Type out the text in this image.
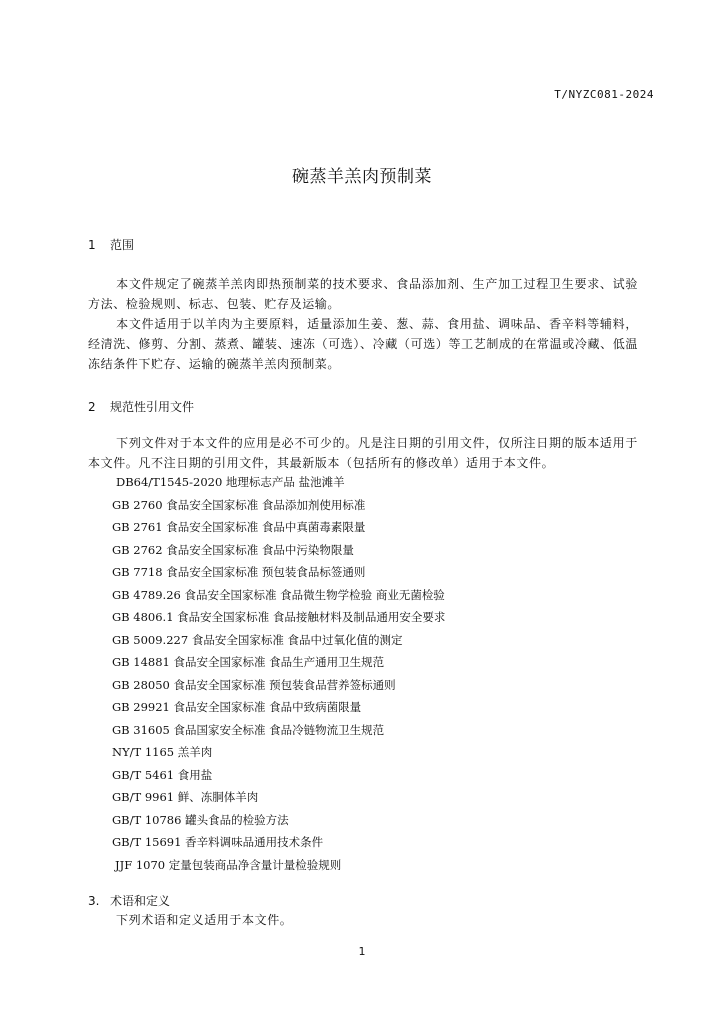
T/NYZC081-2024
碗蒸羊羔肉预制菜
1 范围
本文件规定了碗蒸羊羔肉即热预制菜的技术要求、食品添加剂、生产加工过程卫生要求、试验方法、检验规则、标志、包装、贮存及运输。
本文件适用于以羊肉为主要原料，适量添加生姜、葱、蒜、食用盐、调味品、香辛料等辅料，经清洗、修剪、分割、蒸煮、罐装、速冻（可选）、冷藏（可选）等工艺制成的在常温或冷藏、低温冻结条件下贮存、运输的碗蒸羊羔肉预制菜。
2 规范性引用文件
下列文件对于本文件的应用是必不可少的。凡是注日期的引用文件，仅所注日期的版本适用于本文件。凡不注日期的引用文件，其最新版本（包括所有的修改单）适用于本文件。
DB64/T1545-2020 地理标志产品 盐池滩羊
GB 2760 食品安全国家标准 食品添加剂使用标准
GB 2761 食品安全国家标准 食品中真菌毒素限量
GB 2762 食品安全国家标准 食品中污染物限量
GB 7718 食品安全国家标准 预包装食品标签通则
GB 4789.26 食品安全国家标准 食品微生物学检验 商业无菌检验
GB 4806.1 食品安全国家标准 食品接触材料及制品通用安全要求
GB 5009.227 食品安全国家标准 食品中过氧化值的测定
GB 14881 食品安全国家标准 食品生产通用卫生规范
GB 28050 食品安全国家标准 预包装食品营养签标通则
GB 29921 食品安全国家标准 食品中致病菌限量
GB 31605 食品国家安全标准 食品冷链物流卫生规范
NY/T 1165 羔羊肉
GB/T 5461 食用盐
GB/T 9961 鲜、冻胴体羊肉
GB/T 10786 罐头食品的检验方法
GB/T 15691 香辛料调味品通用技术条件
JJF 1070 定量包装商品净含量计量检验规则
3. 术语和定义
下列术语和定义适用于本文件。
1
